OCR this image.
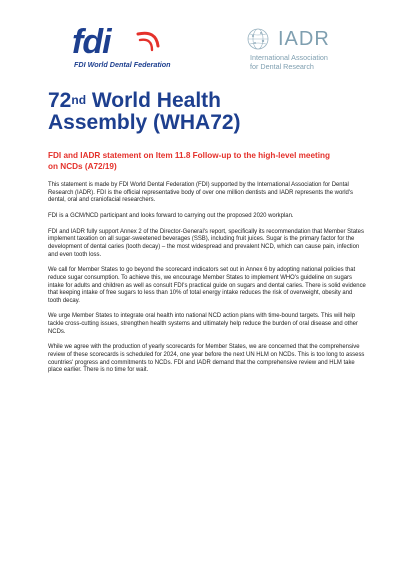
fdi
FDI World Dental Federation
IADR
International Association
for Dental Research
72nd World Health
Assembly (WHA72)

FDI and IADR statement on Item 11.8 Follow-up to the high-level meeting on NCDs (A72/19)

This statement is made by FDI World Dental Federation (FDI) supported by the International Association for Dental Research (IADR). FDI is the official representative body of over one million dentists and IADR represents the world's dental, oral and craniofacial researchers.

FDI is a GCM/NCD participant and looks forward to carrying out the proposed 2020 workplan.

FDI and IADR fully support Annex 2 of the Director-General's report, specifically its recommendation that Member States implement taxation on all sugar-sweetened beverages (SSB), including fruit juices. Sugar is the primary factor for the development of dental caries (tooth decay) – the most widespread and prevalent NCD, which can cause pain, infection and even tooth loss.

We call for Member States to go beyond the scorecard indicators set out in Annex 6 by adopting national policies that reduce sugar consumption. To achieve this, we encourage Member States to implement WHO's guideline on sugars intake for adults and children as well as consult FDI's practical guide on sugars and dental caries. There is solid evidence that keeping intake of free sugars to less than 10% of total energy intake reduces the risk of overweight, obesity and tooth decay.

We urge Member States to integrate oral health into national NCD action plans with time-bound targets. This will help tackle cross-cutting issues, strengthen health systems and ultimately help reduce the burden of oral disease and other NCDs.

While we agree with the production of yearly scorecards for Member States, we are concerned that the comprehensive review of these scorecards is scheduled for 2024, one year before the next UN HLM on NCDs. This is too long to assess countries' progress and commitments to NCDs. FDI and IADR demand that the comprehensive review and HLM take place earlier. There is no time for wait.
